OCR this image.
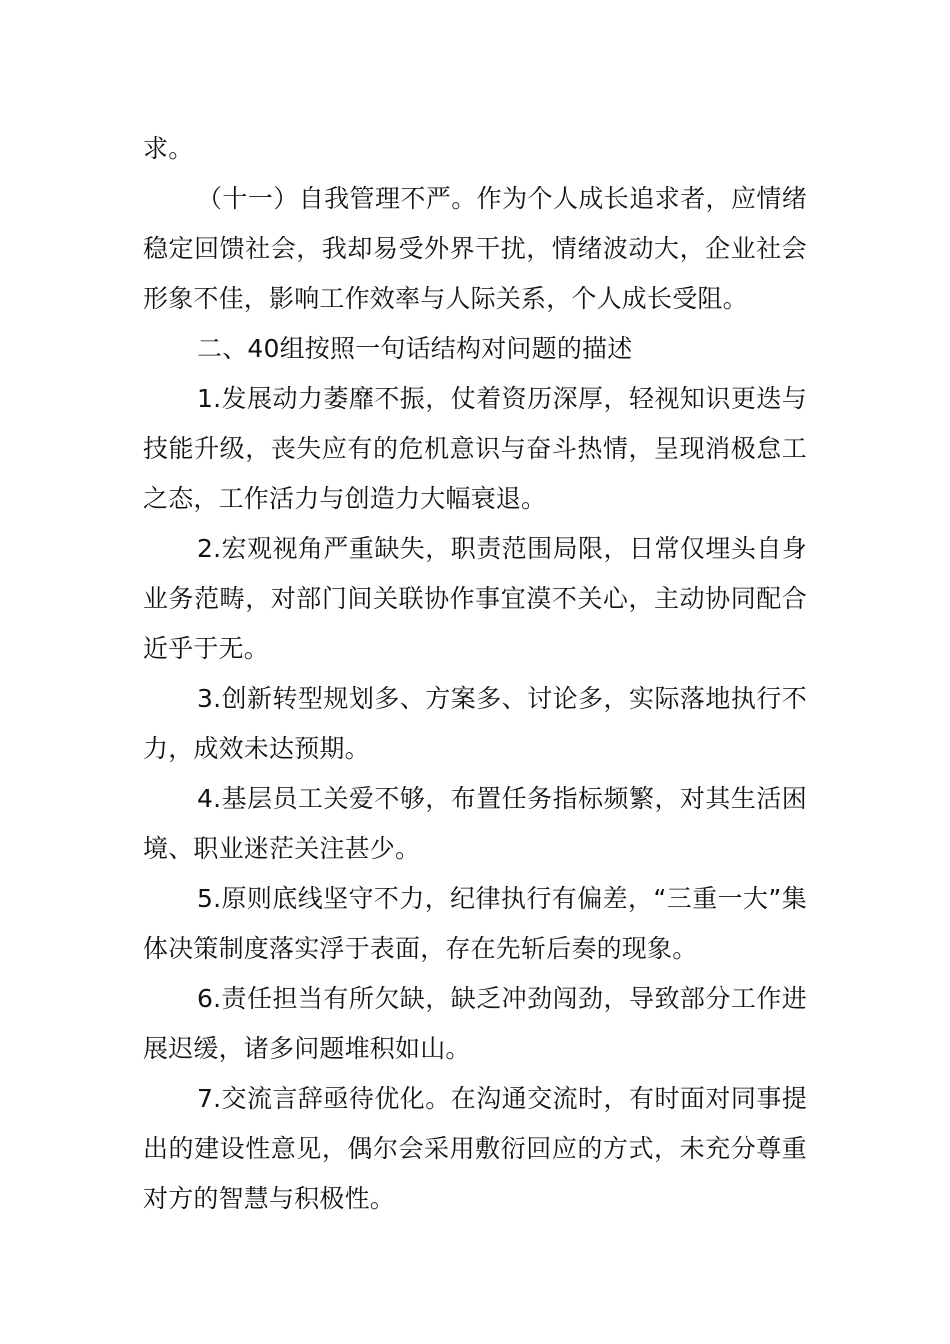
求。

（十一）自我管理不严。作为个人成长追求者，应情绪稳定回馈社会，我却易受外界干扰，情绪波动大，企业社会形象不佳，影响工作效率与人际关系，个人成长受阻。

二、40组按照一句话结构对问题的描述

1.发展动力萎靡不振，仗着资历深厚，轻视知识更迭与技能升级，丧失应有的危机意识与奋斗热情，呈现消极怠工之态，工作活力与创造力大幅衰退。

2.宏观视角严重缺失，职责范围局限，日常仅埋头自身业务范畴，对部门间关联协作事宜漠不关心，主动协同配合近乎于无。

3.创新转型规划多、方案多、讨论多，实际落地执行不力，成效未达预期。

4.基层员工关爱不够，布置任务指标频繁，对其生活困境、职业迷茫关注甚少。

5.原则底线坚守不力，纪律执行有偏差，“三重一大”集体决策制度落实浮于表面，存在先斩后奏的现象。

6.责任担当有所欠缺，缺乏冲劲闯劲，导致部分工作进展迟缓，诸多问题堆积如山。

7.交流言辞亟待优化。在沟通交流时，有时面对同事提出的建设性意见，偶尔会采用敷衍回应的方式，未充分尊重对方的智慧与积极性。
